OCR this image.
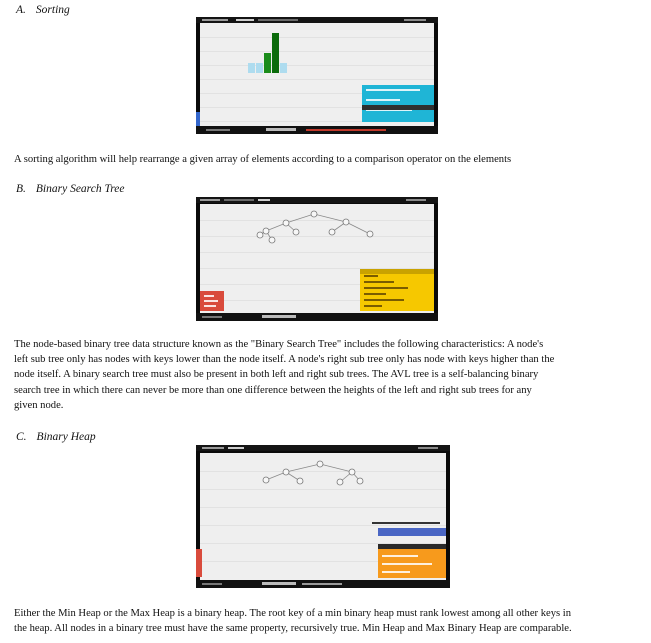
A. Sorting
A sorting algorithm will help rearrange a given array of elements according to a comparison operator on the elements
B. Binary Search Tree
The node-based binary tree data structure known as the "Binary Search Tree" includes the following characteristics: A node's
left sub tree only has nodes with keys lower than the node itself. A node's right sub tree only has node with keys higher than the
node itself. A binary search tree must also be present in both left and right sub trees. The AVL tree is a self-balancing binary
search tree in which there can never be more than one difference between the heights of the left and right sub trees for any
given node.
C. Binary Heap
Either the Min Heap or the Max Heap is a binary heap. The root key of a min binary heap must rank lowest among all other keys in
the heap. All nodes in a binary tree must have the same property, recursively true. Min Heap and Max Binary Heap are comparable.
